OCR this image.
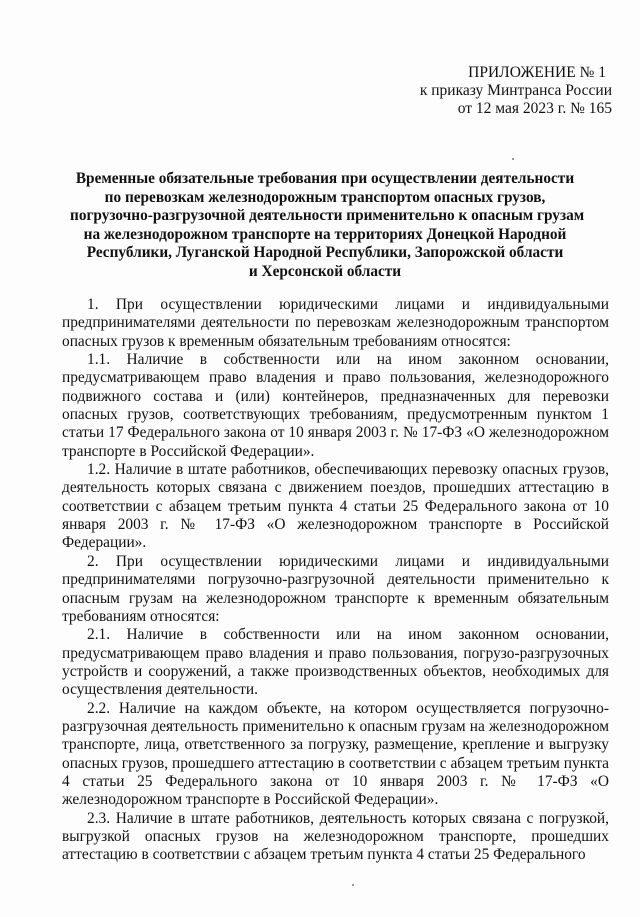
ПРИЛОЖЕНИЕ № 1
к приказу Минтранса России
от 12 мая 2023 г. № 165
Временные обязательные требования при осуществлении деятельности
по перевозкам железнодорожным транспортом опасных грузов,
погрузочно-разгрузочной деятельности применительно к опасным грузам
на железнодорожном транспорте на территориях Донецкой Народной
Республики, Луганской Народной Республики, Запорожской области
и Херсонской области

1. При осуществлении юридическими лицами и индивидуальными предпринимателями деятельности по перевозкам железнодорожным транспортом опасных грузов к временным обязательным требованиям относятся:

1.1. Наличие в собственности или на ином законном основании, предусматривающем право владения и право пользования, железнодорожного подвижного состава и (или) контейнеров, предназначенных для перевозки опасных грузов, соответствующих требованиям, предусмотренным пунктом 1 статьи 17 Федерального закона от 10 января 2003 г. № 17-ФЗ «О железнодорожном транспорте в Российской Федерации».

1.2. Наличие в штате работников, обеспечивающих перевозку опасных грузов, деятельность которых связана с движением поездов, прошедших аттестацию в соответствии с абзацем третьим пункта 4 статьи 25 Федерального закона от 10 января 2003 г. № 17-ФЗ «О железнодорожном транспорте в Российской Федерации».

2. При осуществлении юридическими лицами и индивидуальными предпринимателями погрузочно-разгрузочной деятельности применительно к опасным грузам на железнодорожном транспорте к временным обязательным требованиям относятся:

2.1. Наличие в собственности или на ином законном основании, предусматривающем право владения и право пользования, погрузо-разгрузочных устройств и сооружений, а также производственных объектов, необходимых для осуществления деятельности.

2.2. Наличие на каждом объекте, на котором осуществляется погрузочно-разгрузочная деятельность применительно к опасным грузам на железнодорожном транспорте, лица, ответственного за погрузку, размещение, крепление и выгрузку опасных грузов, прошедшего аттестацию в соответствии с абзацем третьим пункта 4 статьи 25 Федерального закона от 10 января 2003 г. № 17-ФЗ «О железнодорожном транспорте в Российской Федерации».

2.3. Наличие в штате работников, деятельность которых связана с погрузкой, выгрузкой опасных грузов на железнодорожном транспорте, прошедших аттестацию в соответствии с абзацем третьим пункта 4 статьи 25 Федерального
